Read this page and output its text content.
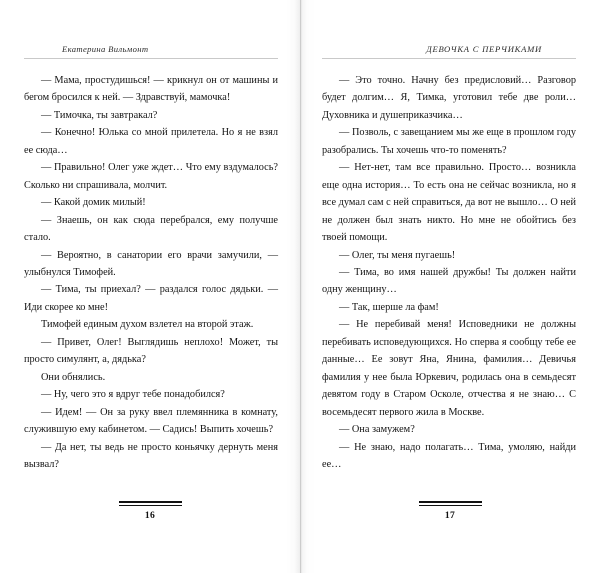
Екатерина Вильмонт

— Мама, простудишься! — крикнул он от машины и бегом бросился к ней. — Здравствуй, мамочка!

— Тимочка, ты завтракал?

— Конечно! Юлька со мной прилетела. Но я не взял ее сюда…

— Правильно! Олег уже ждет… Что ему вздумалось? Сколько ни спрашивала, молчит.

— Какой домик милый!

— Знаешь, он как сюда перебрался, ему получше стало.

— Вероятно, в санатории его врачи замучили, — улыбнулся Тимофей.

— Тима, ты приехал? — раздался голос дядьки. — Иди скорее ко мне!

Тимофей единым духом взлетел на второй этаж.

— Привет, Олег! Выглядишь неплохо! Может, ты просто симулянт, а, дядька?

Они обнялись.

— Ну, чего это я вдруг тебе понадобился?

— Идем! — Он за руку ввел племянника в комнату, служившую ему кабинетом. — Садись! Выпить хочешь?

— Да нет, ты ведь не просто коньячку дернуть меня вызвал?

16
ДЕВОЧКА С ПЕРЧИКАМИ

— Это точно. Начну без предисловий… Разговор будет долгим… Я, Тимка, уготовил тебе две роли… Духовника и душеприказчика…

— Позволь, с завещанием мы же еще в прошлом году разобрались. Ты хочешь что-то поменять?

— Нет-нет, там все правильно. Просто… возникла еще одна история… То есть она не сейчас возникла, но я все думал сам с ней справиться, да вот не вышло… О ней не должен был знать никто. Но мне не обойтись без твоей помощи.

— Олег, ты меня пугаешь!

— Тима, во имя нашей дружбы! Ты должен найти одну женщину…

— Так, шерше ла фам!

— Не перебивай меня! Исповедники не должны перебивать исповедующихся. Но сперва я сообщу тебе ее данные… Ее зовут Яна, Янина, фамилия… Девичья фамилия у нее была Юркевич, родилась она в семьдесят девятом году в Старом Осколе, отчества я не знаю… С восемьдесят первого жила в Москве.

— Она замужем?

— Не знаю, надо полагать… Тима, умоляю, найди ее…

17
